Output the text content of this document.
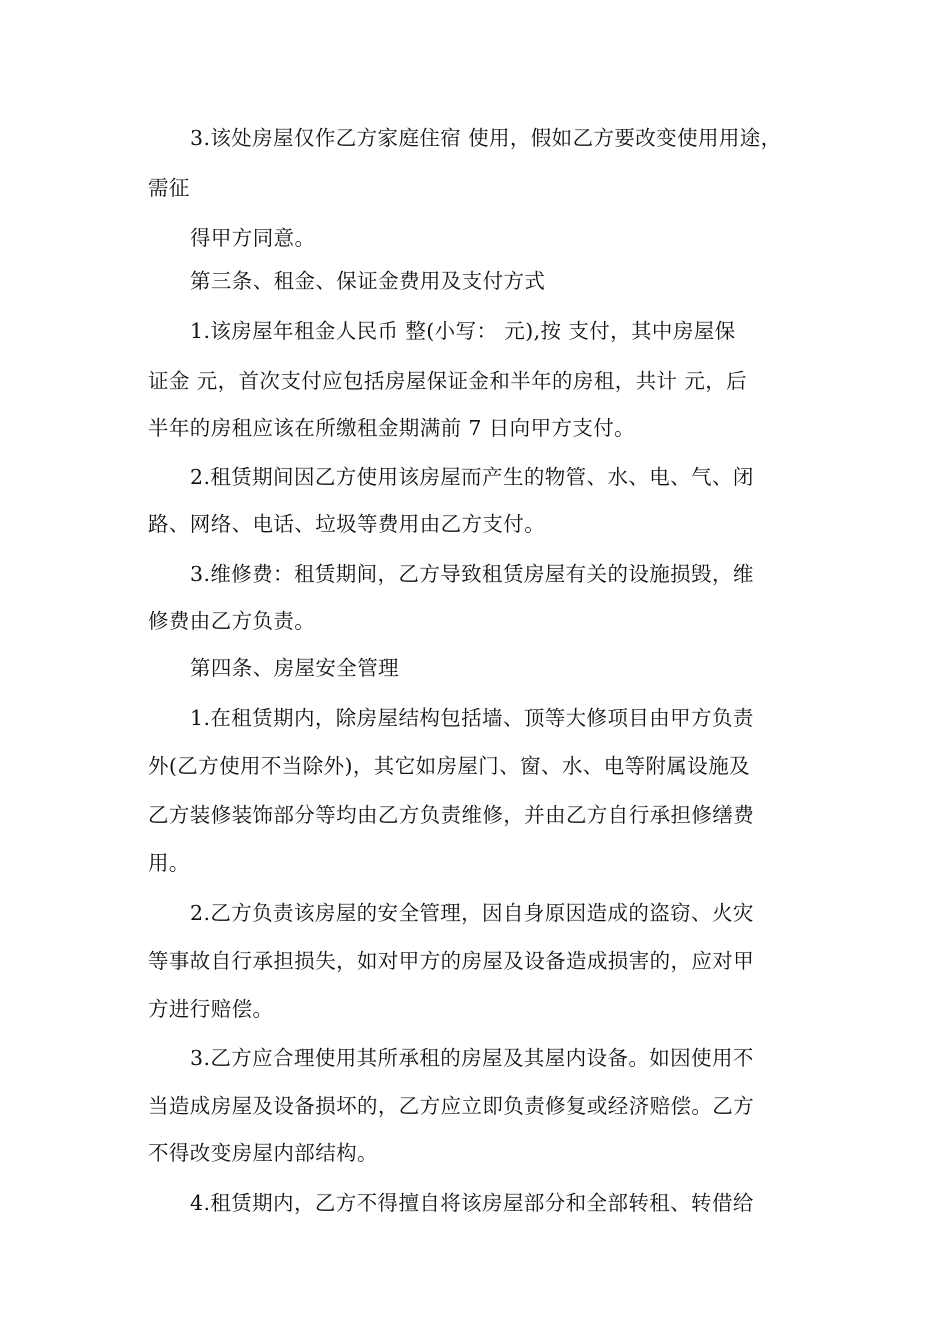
3.该处房屋仅作乙方家庭住宿 使用，假如乙方要改变使用用途，
需征
得甲方同意。
第三条、租金、保证金费用及支付方式
1.该房屋年租金人民币 整(小写： 元),按 支付，其中房屋保
证金 元，首次支付应包括房屋保证金和半年的房租，共计 元，后
半年的房租应该在所缴租金期满前 7 日向甲方支付。
2.租赁期间因乙方使用该房屋而产生的物管、水、电、气、闭
路、网络、电话、垃圾等费用由乙方支付。
3.维修费：租赁期间，乙方导致租赁房屋有关的设施损毁，维
修费由乙方负责。
第四条、房屋安全管理
1.在租赁期内，除房屋结构包括墙、顶等大修项目由甲方负责
外(乙方使用不当除外)，其它如房屋门、窗、水、电等附属设施及
乙方装修装饰部分等均由乙方负责维修，并由乙方自行承担修缮费
用。
2.乙方负责该房屋的安全管理，因自身原因造成的盗窃、火灾
等事故自行承担损失，如对甲方的房屋及设备造成损害的，应对甲
方进行赔偿。
3.乙方应合理使用其所承租的房屋及其屋内设备。如因使用不
当造成房屋及设备损坏的，乙方应立即负责修复或经济赔偿。乙方
不得改变房屋内部结构。
4.租赁期内，乙方不得擅自将该房屋部分和全部转租、转借给
